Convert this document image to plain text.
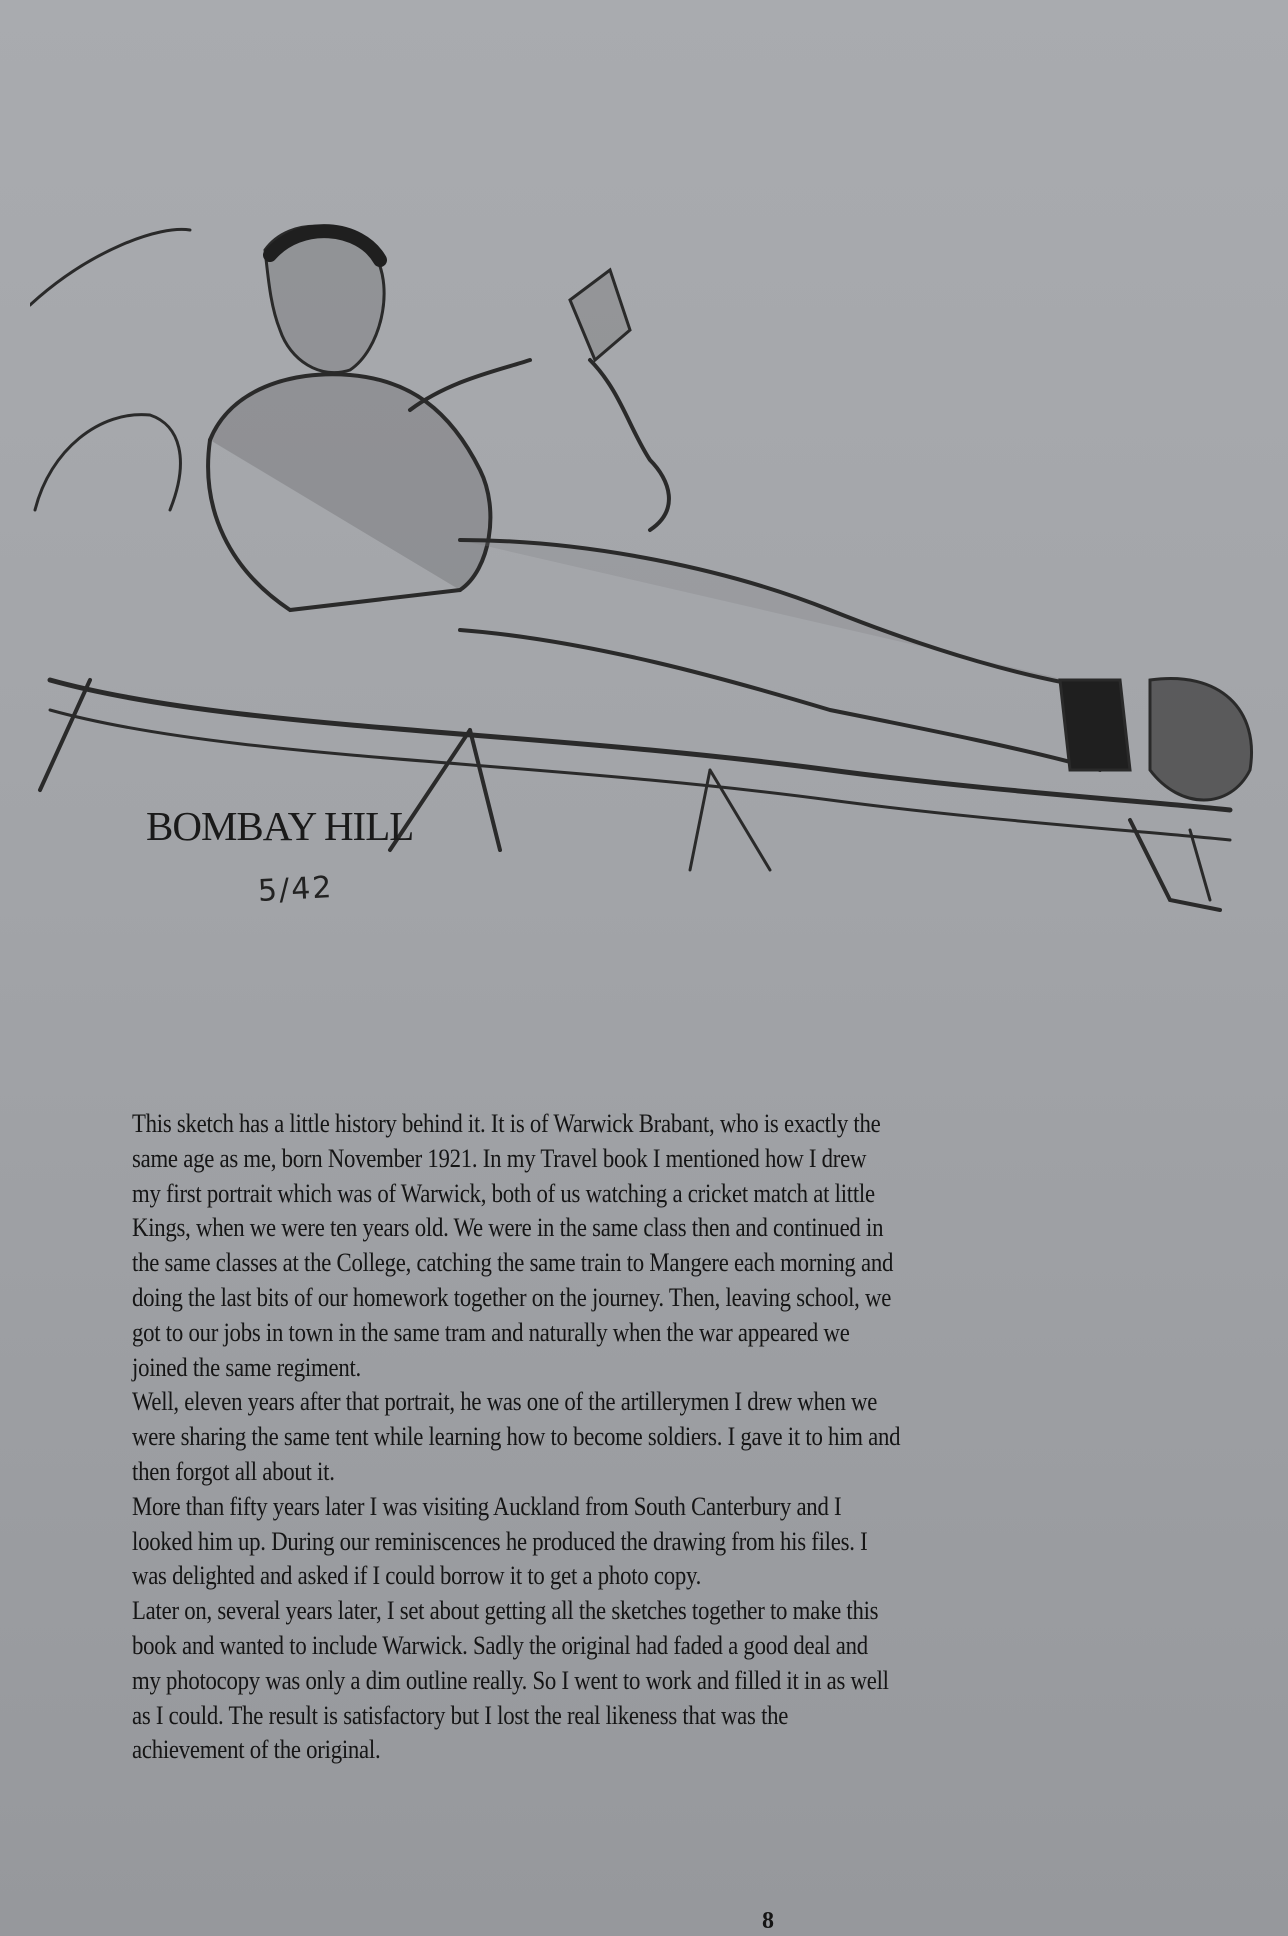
BOMBAY HILL
5/42
This sketch has a little history behind it. It is of Warwick Brabant, who is exactly the
same age as me, born November 1921. In my Travel book I mentioned how I drew
my first portrait which was of Warwick, both of us watching a cricket match at little
Kings, when we were ten years old. We were in the same class then and continued in
the same classes at the College, catching the same train to Mangere each morning and
doing the last bits of our homework together on the journey. Then, leaving school, we
got to our jobs in town in the same tram and naturally when the war appeared we
joined the same regiment.
Well, eleven years after that portrait, he was one of the artillerymen I drew when we
were sharing the same tent while learning how to become soldiers. I gave it to him and
then forgot all about it.
More than fifty years later I was visiting Auckland from South Canterbury and I
looked him up. During our reminiscences he produced the drawing from his files. I
was delighted and asked if I could borrow it to get a photo copy.
Later on, several years later, I set about getting all the sketches together to make this
book and wanted to include Warwick. Sadly the original had faded a good deal and
my photocopy was only a dim outline really. So I went to work and filled it in as well
as I could. The result is satisfactory but I lost the real likeness that was the
achievement of the original.
8
